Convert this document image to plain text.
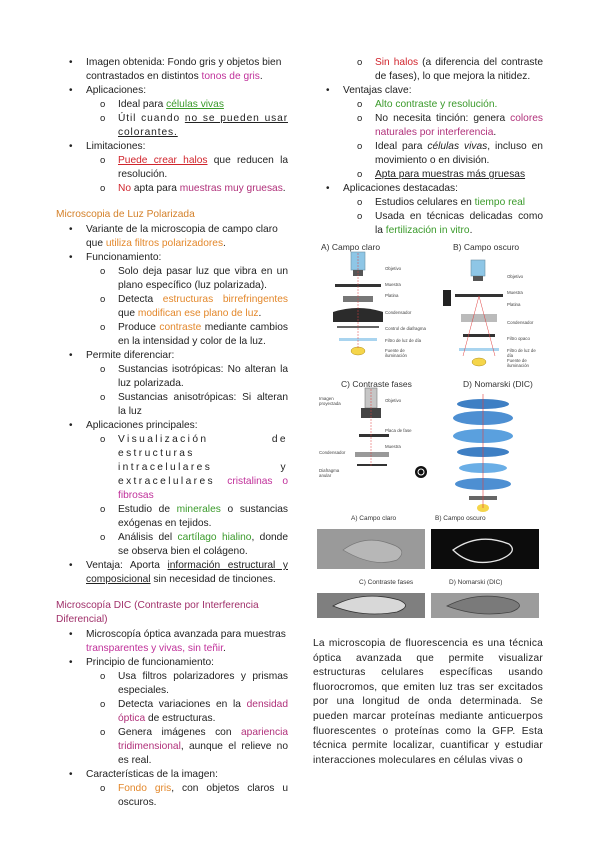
• Imagen obtenida: Fondo gris y objetos bien contrastados en distintos tonos de gris.
• Aplicaciones:
o Ideal para células vivas
o Útil cuando no se pueden usar colorantes.
• Limitaciones:
o Puede crear halos que reducen la resolución.
o No apta para muestras muy gruesas.
Microscopia de Luz Polarizada
• Variante de la microscopia de campo claro que utiliza filtros polarizadores.
• Funcionamiento:
o Solo deja pasar luz que vibra en un plano específico (luz polarizada).
o Detecta estructuras birrefringentes que modifican ese plano de luz.
o Produce contraste mediante cambios en la intensidad y color de la luz.
• Permite diferenciar:
o Sustancias isotrópicas: No alteran la luz polarizada.
o Sustancias anisotrópicas: Si alteran la luz
• Aplicaciones principales:
o Visualización de estructuras intracelulares y extracelulares cristalinas o fibrosas
o Estudio de minerales o sustancias exógenas en tejidos.
o Análisis del cartílago hialino, donde se observa bien el colágeno.
• Ventaja: Aporta información estructural y composicional sin necesidad de tinciones.
Microscopía DIC (Contraste por Interferencia Diferencial)
• Microscopía óptica avanzada para muestras transparentes y vivas, sin teñir.
• Principio de funcionamiento:
o Usa filtros polarizadores y prismas especiales.
o Detecta variaciones en la densidad óptica de estructuras.
o Genera imágenes con apariencia tridimensional, aunque el relieve no es real.
• Características de la imagen:
o Fondo gris, con objetos claros u oscuros.
o Sin halos (a diferencia del contraste de fases), lo que mejora la nitidez.
• Ventajas clave:
o Alto contraste y resolución.
o No necesita tinción: genera colores naturales por interferencia.
o Ideal para células vivas, incluso en movimiento o en división.
o Apta para muestras más gruesas
• Aplicaciones destacadas:
o Estudios celulares en tiempo real
o Usada en técnicas delicadas como la fertilización in vitro.
A) Campo claro	B) Campo oscuro
C) Contraste fases	D) Nomarski (DIC)
Objetivo
Muestra
Platina
Condensador
Control de diafragma
Filtro de luz de día
Fuente de iluminación
Objetivo
Muestra
Platina
Condensador
Filtro opaco
Filtro de luz de día
Fuente de iluminación
Imagen proyectada
Objetivo
Placa de fase
Muestra
Condensador
Diafragma anular
A) Campo claro	B) Campo oscuro
C) Contraste fases	D) Nomarski (DIC)
La microscopia de fluorescencia es una técnica óptica avanzada que permite visualizar estructuras celulares específicas usando fluorocromos, que emiten luz tras ser excitados por una longitud de onda determinada. Se pueden marcar proteínas mediante anticuerpos fluorescentes o proteínas como la GFP. Esta técnica permite localizar, cuantificar y estudiar interacciones moleculares en células vivas o
